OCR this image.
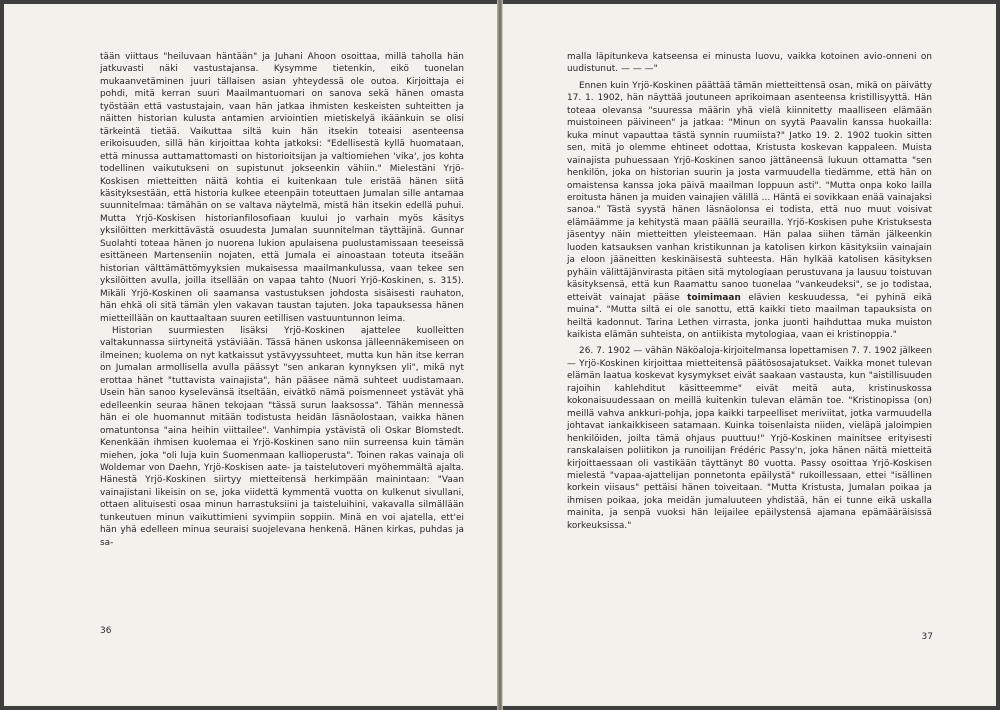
tään viittaus "heiluvaan häntään" ja Juhani Ahoon osoittaa, millä taholla hän jatkuvasti näki vastustajansa. Kysymme tietenkin, eikö tuonelan mukaanvetäminen juuri tällaisen asian yhteydessä ole outoa. Kirjoittaja ei pohdi, mitä kerran suuri Maailmantuomari on sanova sekä hänen omasta työstään että vastustajain, vaan hän jatkaa ihmisten keskeisten suhteitten ja näitten historian kulusta antamien arviointien mietiskelyä ikäänkuin se olisi tärkeintä tietää. Vaikuttaa siltä kuin hän itsekin toteaisi asenteensa erikoisuuden, sillä hän kirjoittaa kohta jatkoksi: "Edellisestä kyllä huomataan, että minussa auttamattomasti on historioitsijan ja valtiomiehen 'vika', jos kohta todellinen vaikutukseni on supistunut jokseenkin vähiin." Mielestäni Yrjö-Koskisen mietteitten näitä kohtia ei kuitenkaan tule eristää hänen siitä käsityksestään, että historia kulkee eteenpäin toteuttaen Jumalan sille antamaa suunnitelmaa: tämähän on se valtava näytelmä, mistä hän itsekin edellä puhui. Mutta Yrjö-Koskisen historianfilosofiaan kuului jo varhain myös käsitys yksilöitten merkittävästä osuudesta Jumalan suunnitelman täyttäjinä. Gunnar Suolahti toteaa hänen jo nuorena lukion apulaisena puolustamissaan teeseissä esittäneen Martenseniin nojaten, että Jumala ei ainoastaan toteuta itseään historian välttämättömyyksien mukaisessa maailmankulussa, vaan tekee sen yksilöitten avulla, joilla itsellään on vapaa tahto (Nuori Yrjö-Koskinen, s. 315). Mikäli Yrjö-Koskinen oli saamansa vastustuksen johdosta sisäisesti rauhaton, hän ehkä oli sitä tämän ylen vakavan taustan tajuten. Joka tapauksessa hänen mietteillään on kauttaaltaan suuren eetillisen vastuuntunnon leima.

Historian suurmiesten lisäksi Yrjö-Koskinen ajattelee kuolleitten valtakunnassa siirtyneitä ystäviään. Tässä hänen uskonsa jälleennäkemiseen on ilmeinen; kuolema on nyt katkaissut ystävyyssuhteet, mutta kun hän itse kerran on Jumalan armollisella avulla päässyt "sen ankaran kynnyksen yli", mikä nyt erottaa hänet "tuttavista vainajista", hän pääsee nämä suhteet uudistamaan. Usein hän sanoo kyselevänsä itseltään, eivätkö nämä poismenneet ystävät yhä edelleenkin seuraa hänen tekojaan "tässä surun laaksossa". Tähän mennessä hän ei ole huomannut mitään todistusta heidän läsnäolostaan, vaikka hänen omatuntonsa "aina heihin viittailee". Vanhimpia ystävistä oli Oskar Blomstedt. Kenenkään ihmisen kuolemaa ei Yrjö-Koskinen sano niin surreensa kuin tämän miehen, joka "oli luja kuin Suomenmaan kallioperusta". Toinen rakas vainaja oli Woldemar von Daehn, Yrjö-Koskisen aate- ja taistelutoveri myöhemmältä ajalta. Hänestä Yrjö-Koskinen siirtyy mietteitensä herkimpään mainintaan: "Vaan vainajistani likeisin on se, joka viidettä kymmentä vuotta on kulkenut sivullani, ottaen alituisesti osaa minun harrastuksiini ja taisteluihini, vakavalla silmällään tunkeutuen minun vaikuttimieni syvimpiin soppiin. Minä en voi ajatella, ett'ei hän yhä edelleen minua seuraisi suojelevana henkenä. Hänen kirkas, puhdas ja sa-

36

malla läpitunkeva katseensa ei minusta luovu, vaikka kotoinen avio-onneni on uudistunut. — — —"

Ennen kuin Yrjö-Koskinen päättää tämän mietteittensä osan, mikä on päivätty 17. 1. 1902, hän näyttää joutuneen aprikoimaan asenteensa kristillisyyttä. Hän toteaa olevansa "suuressa määrin yhä vielä kiinnitetty maalliseen elämään muistoineen päivineen" ja jatkaa: "Minun on syytä Paavalin kanssa huokailla: kuka minut vapauttaa tästä synnin ruumiista?" Jatko 19. 2. 1902 tuokin sitten sen, mitä jo olemme ehtineet odottaa, Kristusta koskevan kappaleen. Muista vainajista puhuessaan Yrjö-Koskinen sanoo jättäneensä lukuun ottamatta "sen henkilön, joka on historian suurin ja josta varmuudella tiedämme, että hän on omaistensa kanssa joka päivä maailman loppuun asti". "Mutta onpa koko lailla eroitusta hänen ja muiden vainajien välillä ... Häntä ei sovikkaan enää vainajaksi sanoa." Tästä syystä hänen läsnäolonsa ei todista, että nuo muut voisivat elämäämme ja kehitystä maan päällä seurailla. Yrjö-Koskisen puhe Kristuksesta jäsentyy näin mietteitten yleisteemaan. Hän palaa siihen tämän jälkeenkin luoden katsauksen vanhan kristikunnan ja katolisen kirkon käsityksiin vainajain ja eloon jääneitten keskinäisestä suhteesta. Hän hylkää katolisen käsityksen pyhäin välittäjänvirasta pitäen sitä mytologiaan perustuvana ja lausuu toistuvan käsityksensä, että kun Raamattu sanoo tuonelaa "vankeudeksi", se jo todistaa, etteivät vainajat pääse toimimaan elävien keskuudessa, "ei pyhinä eikä muina". "Mutta siltä ei ole sanottu, että kaikki tieto maailman tapauksista on heiltä kadonnut. Tarina Lethen virrasta, jonka juonti haihduttaa muka muiston kaikista elämän suhteista, on antiikista mytologiaa, vaan ei kristinoppia."

26. 7. 1902 — vähän Näköaloja-kirjoitelmansa lopettamisen 7. 7. 1902 jälkeen — Yrjö-Koskinen kirjoittaa mietteitensä päätösosajatukset. Vaikka monet tulevan elämän laatua koskevat kysymykset eivät saakaan vastausta, kun "aistillisuuden rajoihin kahlehditut käsitteemme" eivät meitä auta, kristinuskossa kokonaisuudessaan on meillä kuitenkin tulevan elämän toe. "Kristinopissa (on) meillä vahva ankkuri-pohja, jopa kaikki tarpeelliset meriviitat, jotka varmuudella johtavat iankaikkiseen satamaan. Kuinka toisenlaista niiden, vieläpä jaloimpien henkilöiden, joilta tämä ohjaus puuttuu!" Yrjö-Koskinen mainitsee erityisesti ranskalaisen poliitikon ja runoilijan Frédéric Passy'n, joka hänen näitä mietteitä kirjoittaessaan oli vastikään täyttänyt 80 vuotta. Passy osoittaa Yrjö-Koskisen mielestä "vapaa-ajattelijan ponnetonta epäilystä" rukoillessaan, ettei "isällinen korkein viisaus" pettäisi hänen toiveitaan. "Mutta Kristusta, Jumalan poikaa ja ihmisen poikaa, joka meidän jumaluuteen yhdistää, hän ei tunne eikä uskalla mainita, ja senpä vuoksi hän leijailee epäilystensä ajamana epämääräisissä korkeuksissa."

37
